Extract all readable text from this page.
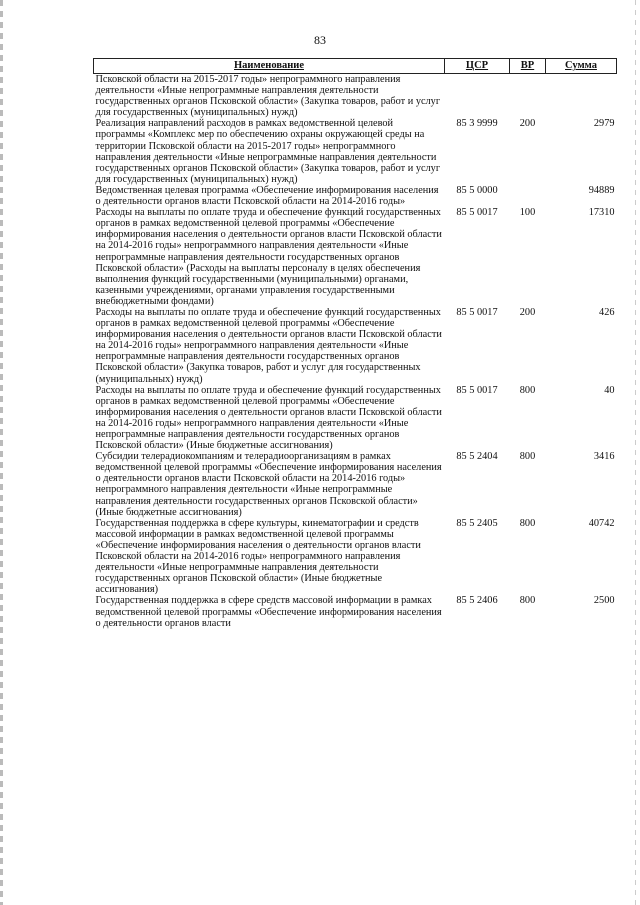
83
Наименование	ЦСР	ВР	Сумма
Псковской области на 2015-2017 годы» непрограммного направления деятельности «Иные непрограммные направления деятельности государственных органов Псковской области» (Закупка товаров, работ и услуг для государственных (муниципальных) нужд)			
Реализация направлений расходов в рамках ведомственной целевой программы «Комплекс мер по обеспечению охраны окружающей среды на территории Псковской области на 2015-2017 годы» непрограммного направления деятельности «Иные непрограммные направления деятельности государственных органов Псковской области» (Закупка товаров, работ и услуг для государственных (муниципальных) нужд)	85 3 9999	200	2979
Ведомственная целевая программа «Обеспечение информирования населения о деятельности органов власти Псковской области на 2014-2016 годы»	85 5 0000		94889
Расходы на выплаты по оплате труда и обеспечение функций государственных органов в рамках ведомственной целевой программы «Обеспечение информирования населения о деятельности органов власти Псковской области на 2014-2016 годы» непрограммного направления деятельности «Иные непрограммные направления деятельности государственных органов Псковской области» (Расходы на выплаты персоналу в целях обеспечения выполнения функций государственными (муниципальными) органами, казенными учреждениями, органами управления государственными внебюджетными фондами)	85 5 0017	100	17310
Расходы на выплаты по оплате труда и обеспечение функций государственных органов в рамках ведомственной целевой программы «Обеспечение информирования населения о деятельности органов власти Псковской области на 2014-2016 годы» непрограммного направления деятельности «Иные непрограммные направления деятельности государственных органов Псковской области» (Закупка товаров, работ и услуг для государственных (муниципальных) нужд)	85 5 0017	200	426
Расходы на выплаты по оплате труда и обеспечение функций государственных органов в рамках ведомственной целевой программы «Обеспечение информирования населения о деятельности органов власти Псковской области на 2014-2016 годы» непрограммного направления деятельности «Иные непрограммные направления деятельности государственных органов Псковской области» (Иные бюджетные ассигнования)	85 5 0017	800	40
Субсидии телерадиокомпаниям и телерадиоорганизациям в рамках ведомственной целевой программы «Обеспечение информирования населения о деятельности органов власти Псковской области на 2014-2016 годы» непрограммного направления деятельности «Иные непрограммные направления деятельности государственных органов Псковской области» (Иные бюджетные ассигнования)	85 5 2404	800	3416
Государственная поддержка в сфере культуры, кинематографии и средств массовой информации в рамках ведомственной целевой программы «Обеспечение информирования населения о деятельности органов власти Псковской области на 2014-2016 годы» непрограммного направления деятельности «Иные непрограммные направления деятельности государственных органов Псковской области» (Иные бюджетные ассигнования)	85 5 2405	800	40742
Государственная поддержка в сфере средств массовой информации в рамках ведомственной целевой программы «Обеспечение информирования населения о деятельности органов власти	85 5 2406	800	2500
